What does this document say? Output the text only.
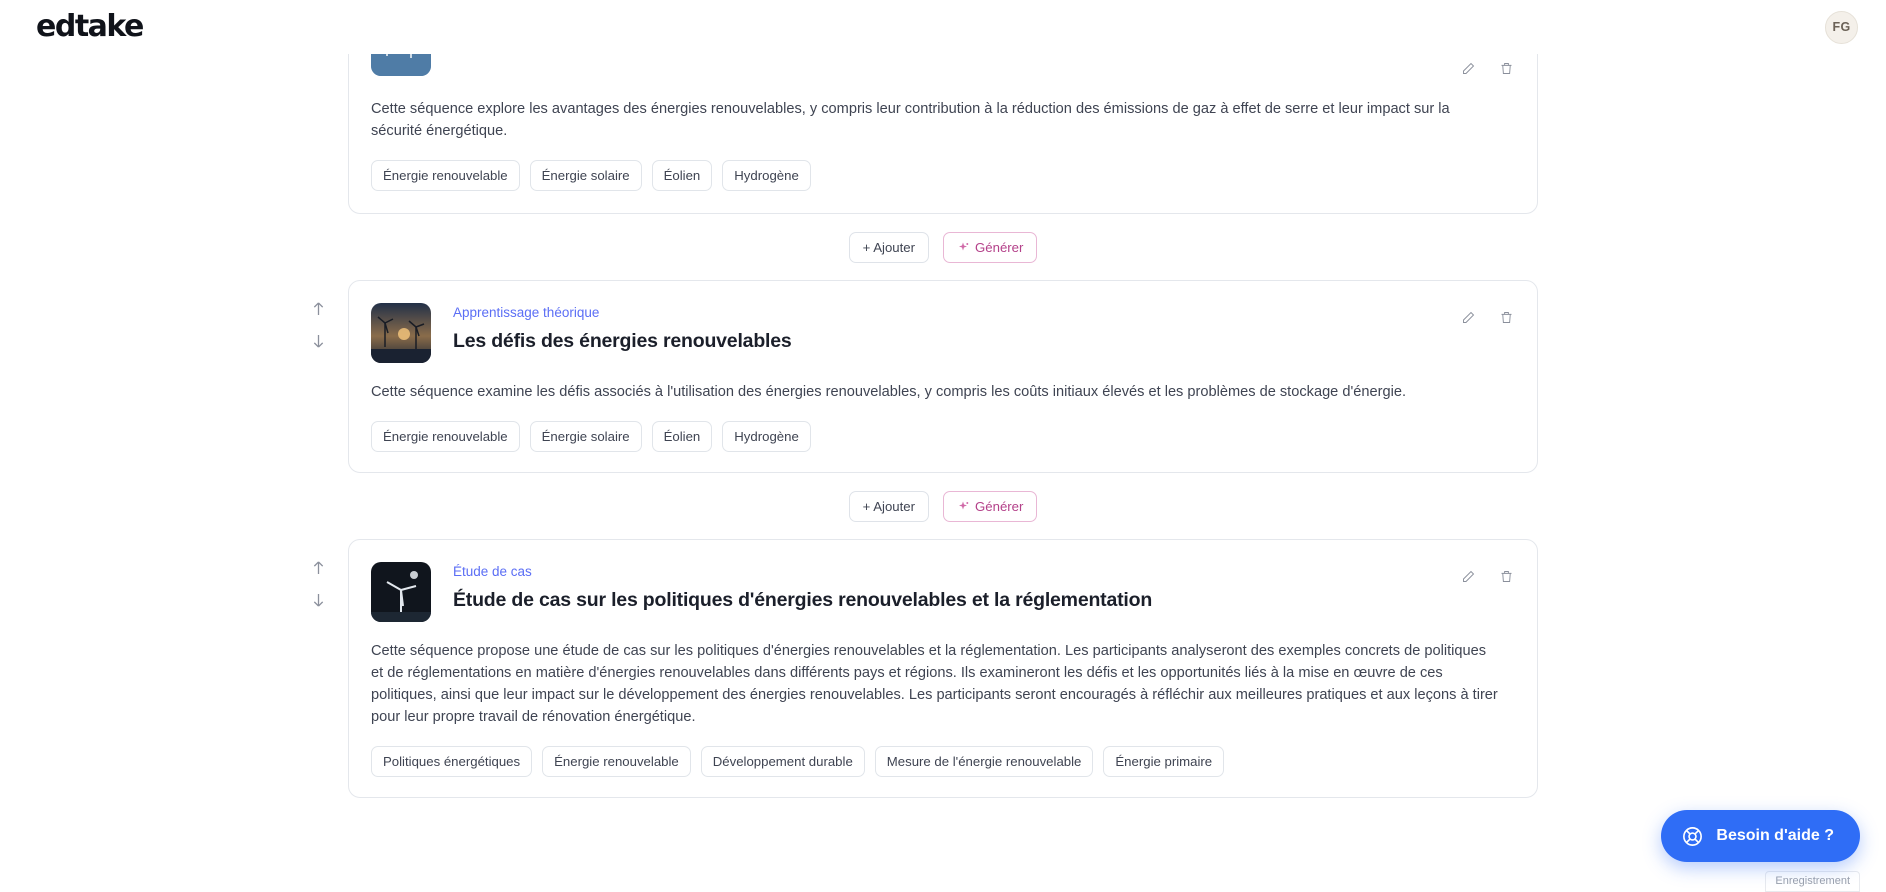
edtake	FG
Cette séquence explore les avantages des énergies renouvelables, y compris leur contribution à la réduction des émissions de gaz à effet de serre et leur impact sur la sécurité énergétique.
Énergie renouvelable	Énergie solaire	Éolien	Hydrogène
+ Ajouter	Générer
Apprentissage théorique
Les défis des énergies renouvelables
Cette séquence examine les défis associés à l'utilisation des énergies renouvelables, y compris les coûts initiaux élevés et les problèmes de stockage d'énergie.
Énergie renouvelable	Énergie solaire	Éolien	Hydrogène
+ Ajouter	Générer
Étude de cas
Étude de cas sur les politiques d'énergies renouvelables et la réglementation
Cette séquence propose une étude de cas sur les politiques d'énergies renouvelables et la réglementation. Les participants analyseront des exemples concrets de politiques et de réglementations en matière d'énergies renouvelables dans différents pays et régions. Ils examineront les défis et les opportunités liés à la mise en œuvre de ces politiques, ainsi que leur impact sur le développement des énergies renouvelables. Les participants seront encouragés à réfléchir aux meilleures pratiques et aux leçons à tirer pour leur propre travail de rénovation énergétique.
Politiques énergétiques	Énergie renouvelable	Développement durable	Mesure de l'énergie renouvelable	Énergie primaire
Besoin d'aide ?
Enregistrement
